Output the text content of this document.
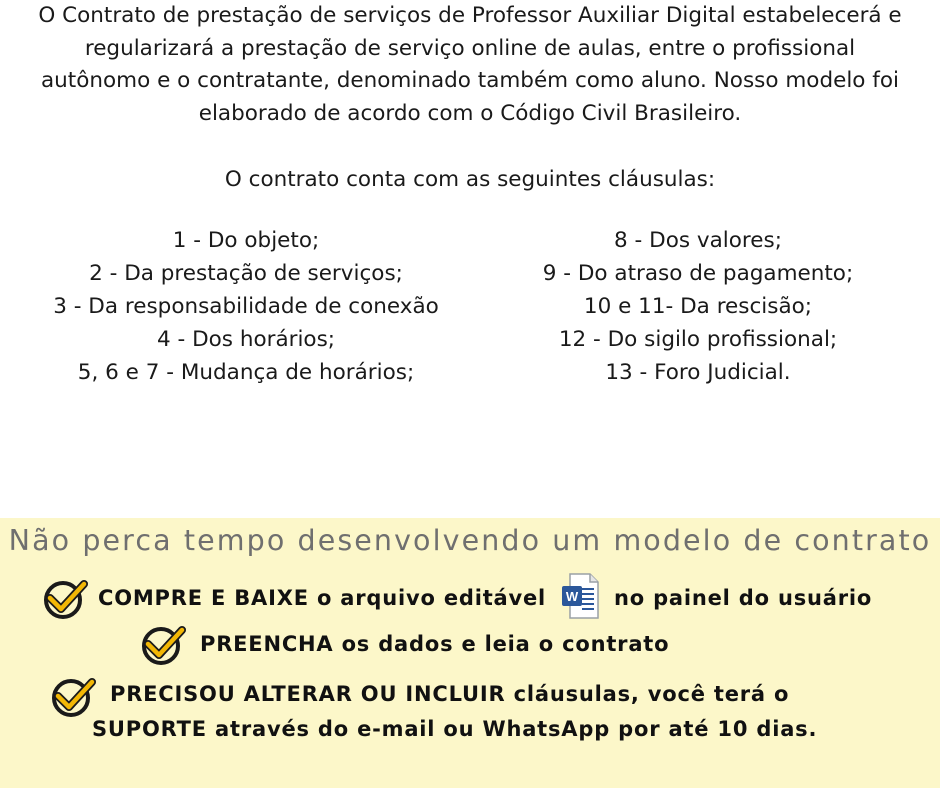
O Contrato de prestação de serviços de Professor Auxiliar Digital estabelecerá e
regularizará a prestação de serviço online de aulas, entre o profissional
autônomo e o contratante, denominado também como aluno. Nosso modelo foi
elaborado de acordo com o Código Civil Brasileiro.

O contrato conta com as seguintes cláusulas:

1 - Do objeto;
2 - Da prestação de serviços;
3 - Da responsabilidade de conexão
4 - Dos horários;
5, 6 e 7 - Mudança de horários;
8 - Dos valores;
9 - Do atraso de pagamento;
10 e 11- Da rescisão;
12 - Do sigilo profissional;
13 - Foro Judicial.

Não perca tempo desenvolvendo um modelo de contrato

COMPRE E BAIXE o arquivo editável W no painel do usuário
PREENCHA os dados e leia o contrato
PRECISOU ALTERAR OU INCLUIR cláusulas, você terá o
SUPORTE através do e-mail ou WhatsApp por até 10 dias.
